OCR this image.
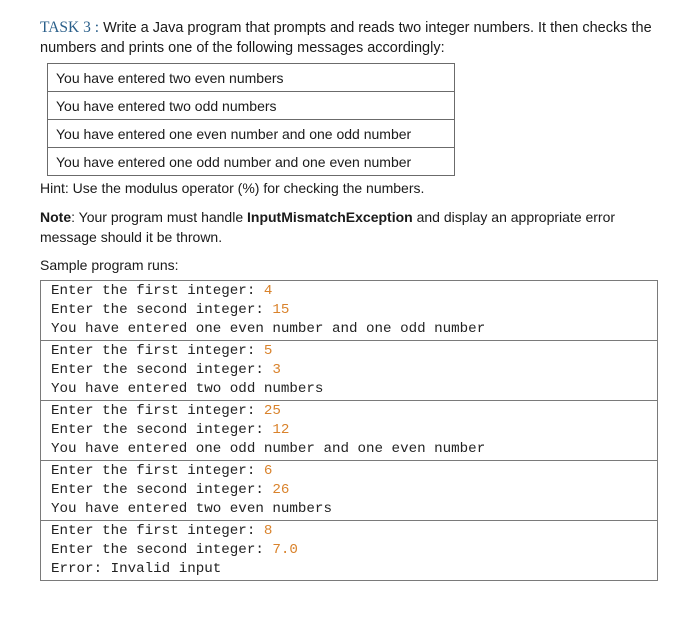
TASK 3 : Write a Java program that prompts and reads two integer numbers. It then checks the numbers and prints one of the following messages accordingly:

You have entered two even numbers
You have entered two odd numbers
You have entered one even number and one odd number
You have entered one odd number and one even number

Hint: Use the modulus operator (%) for checking the numbers.

Note: Your program must handle InputMismatchException and display an appropriate error message should it be thrown.

Sample program runs:

Enter the first integer: 4
Enter the second integer: 15
You have entered one even number and one odd number
Enter the first integer: 5
Enter the second integer: 3
You have entered two odd numbers
Enter the first integer: 25
Enter the second integer: 12
You have entered one odd number and one even number
Enter the first integer: 6
Enter the second integer: 26
You have entered two even numbers
Enter the first integer: 8
Enter the second integer: 7.0
Error: Invalid input
